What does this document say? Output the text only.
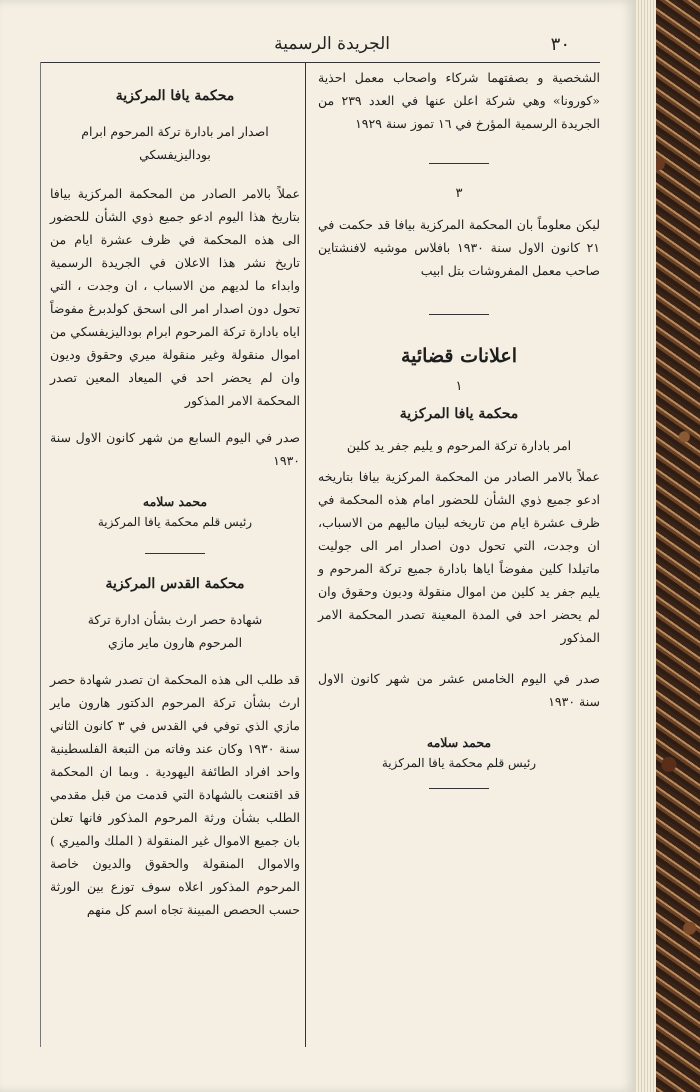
٣٠
الجريدة الرسمية

الشخصية و بصفتهما شركاء واصحاب معمل احذية «كورونا» وهي شركة اعلن عنها في العدد ٢٣٩ من الجريدة الرسمية المؤرخ في ١٦ تموز سنة ١٩٢٩

٣

ليكن معلوماً بان المحكمة المركزية بيافا قد حكمت في ٢١ كانون الاول سنة ١٩٣٠ بافلاس موشيه لافنشتاين صاحب معمل المفروشات بتل ابيب

اعلانات قضائية

١

محكمة يافا المركزية

امر بادارة تركة المرحوم و يليم جفر يد كلين

عملاً بالامر الصادر من المحكمة المركزية بيافا بتاريخه ادعو جميع ذوي الشأن للحضور امام هذه المحكمة في ظرف عشرة ايام من تاريخه لبيان ماليهم من الاسباب، ان وجدت، التي تحول دون اصدار امر الى جوليت ماتيلدا كلين مفوضاً اياها بادارة جميع تركة المرحوم و يليم جفر يد كلين من اموال منقولة وديون وحقوق وان لم يحضر احد في المدة المعينة تصدر المحكمة الامر المذكور

صدر في اليوم الخامس عشر من شهر كانون الاول سنة ١٩٣٠

محمد سلامه

رئيس قلم محكمة يافا المركزية

محكمة يافا المركزية

اصدار امر بادارة تركة المرحوم ابرام بوداليزيفسكي

عملاً بالامر الصادر من المحكمة المركزية بيافا بتاريخ هذا اليوم ادعو جميع ذوي الشأن للحضور الى هذه المحكمة في ظرف عشرة ايام من تاريخ نشر هذا الاعلان في الجريدة الرسمية وابداء ما لديهم من الاسباب ، ان وجدت ، التي تحول دون اصدار امر الى اسحق كولدبرغ مفوضاً اياه بادارة تركة المرحوم ابرام بوداليزيفسكي من اموال منقولة وغير منقولة ميري وحقوق وديون وان لم يحضر احد في الميعاد المعين تصدر المحكمة الامر المذكور

صدر في اليوم السابع من شهر كانون الاول سنة ١٩٣٠

محمد سلامه

رئيس قلم محكمة يافا المركزية

محكمة القدس المركزية

شهادة حصر ارث بشأن ادارة تركة

المرحوم هارون ماير مازي

قد طلب الى هذه المحكمة ان تصدر شهادة حصر ارث بشأن تركة المرحوم الدكتور هارون ماير مازي الذي توفي في القدس في ٣ كانون الثاني سنة ١٩٣٠ وكان عند وفاته من التبعة الفلسطينية واحد افراد الطائفة اليهودية . وبما ان المحكمة قد اقتنعت بالشهادة التي قدمت من قبل مقدمي الطلب بشأن ورثة المرحوم المذكور فانها تعلن بان جميع الاموال غير المنقولة ( الملك والميري ) والاموال المنقولة والحقوق والديون خاصة المرحوم المذكور اعلاه سوف توزع بين الورثة حسب الحصص المبينة تجاه اسم كل منهم
